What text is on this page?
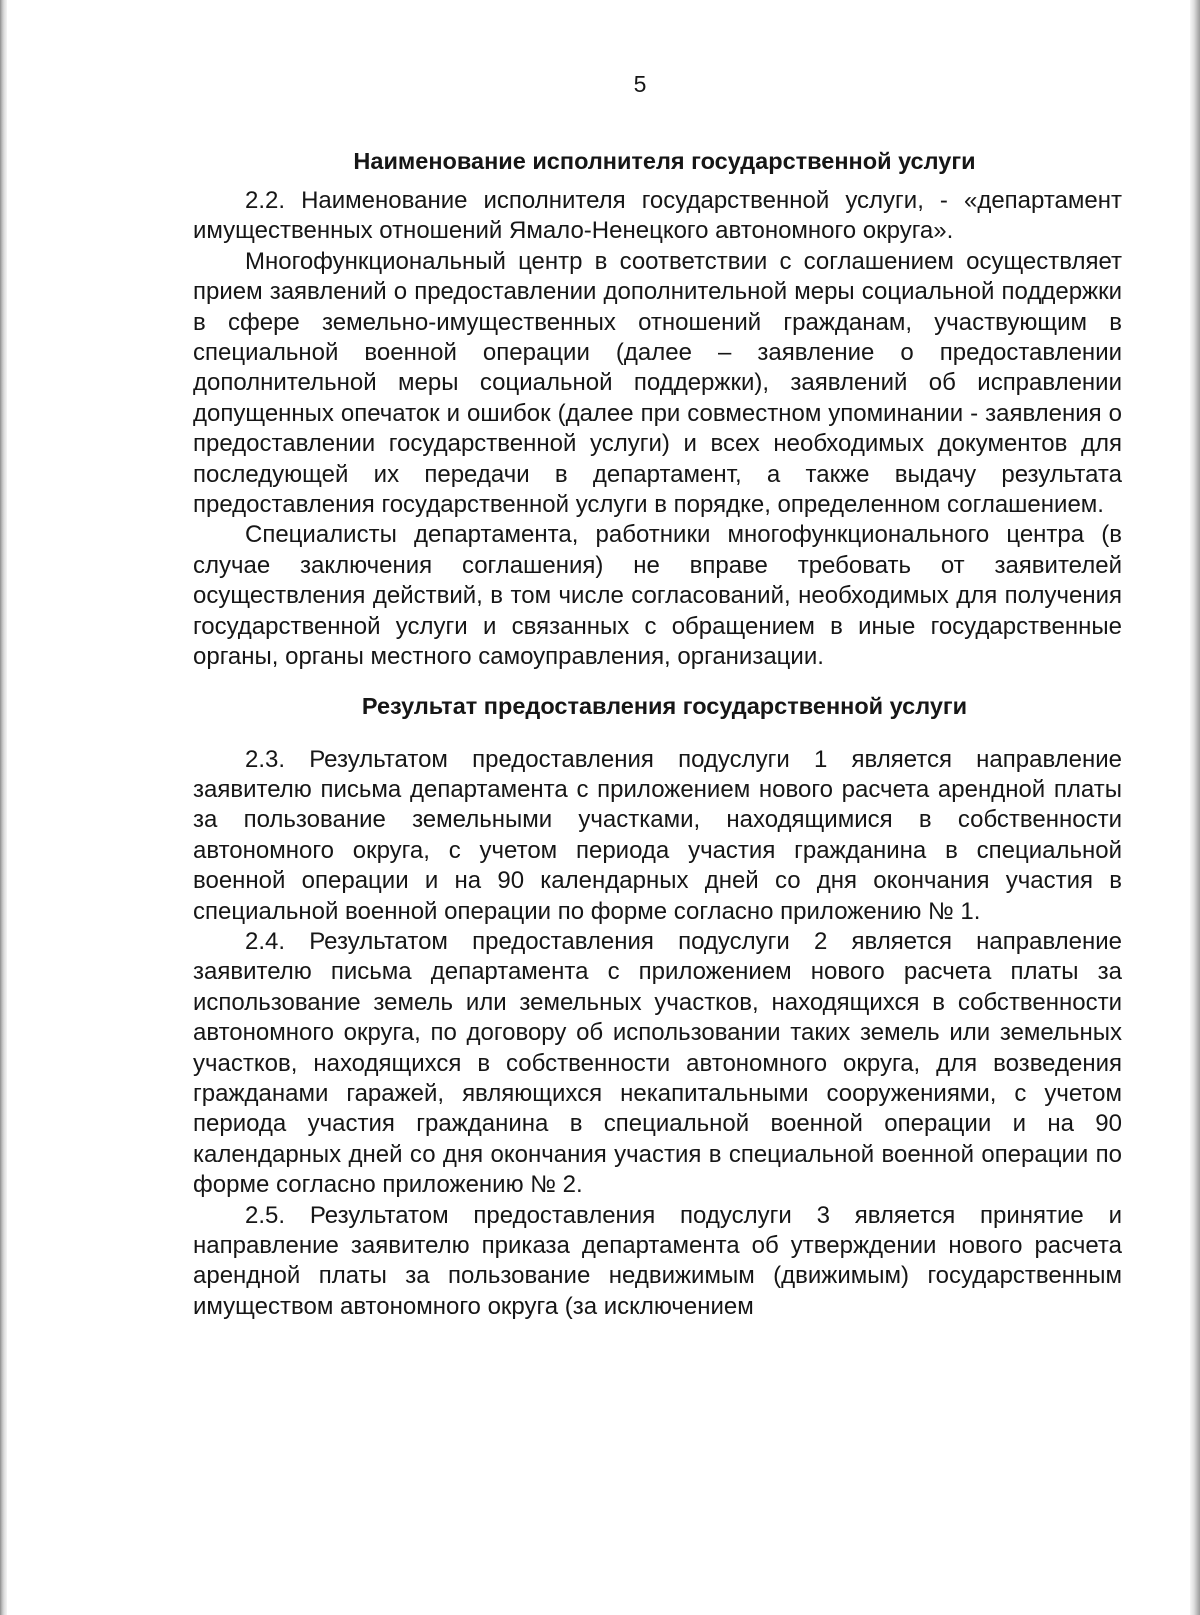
5
Наименование исполнителя государственной услуги

2.2. Наименование исполнителя государственной услуги, - «департамент имущественных отношений Ямало-Ненецкого автономного округа».

Многофункциональный центр в соответствии с соглашением осуществляет прием заявлений о предоставлении дополнительной меры социальной поддержки в сфере земельно-имущественных отношений гражданам, участвующим в специальной военной операции (далее – заявление о предоставлении дополнительной меры социальной поддержки), заявлений об исправлении допущенных опечаток и ошибок (далее при совместном упоминании - заявления о предоставлении государственной услуги) и всех необходимых документов для последующей их передачи в департамент, а также выдачу результата предоставления государственной услуги в порядке, определенном соглашением.

Специалисты департамента, работники многофункционального центра (в случае заключения соглашения) не вправе требовать от заявителей осуществления действий, в том числе согласований, необходимых для получения государственной услуги и связанных с обращением в иные государственные органы, органы местного самоуправления, организации.

Результат предоставления государственной услуги

2.3. Результатом предоставления подуслуги 1 является направление заявителю письма департамента с приложением нового расчета арендной платы за пользование земельными участками, находящимися в собственности автономного округа, с учетом периода участия гражданина в специальной военной операции и на 90 календарных дней со дня окончания участия в специальной военной операции по форме согласно приложению № 1.

2.4. Результатом предоставления подуслуги 2 является направление заявителю письма департамента с приложением нового расчета платы за использование земель или земельных участков, находящихся в собственности автономного округа, по договору об использовании таких земель или земельных участков, находящихся в собственности автономного округа, для возведения гражданами гаражей, являющихся некапитальными сооружениями, с учетом периода участия гражданина в специальной военной операции и на 90 календарных дней со дня окончания участия в специальной военной операции по форме согласно приложению № 2.

2.5. Результатом предоставления подуслуги 3 является принятие и направление заявителю приказа департамента об утверждении нового расчета арендной платы за пользование недвижимым (движимым) государственным имуществом автономного округа (за исключением
